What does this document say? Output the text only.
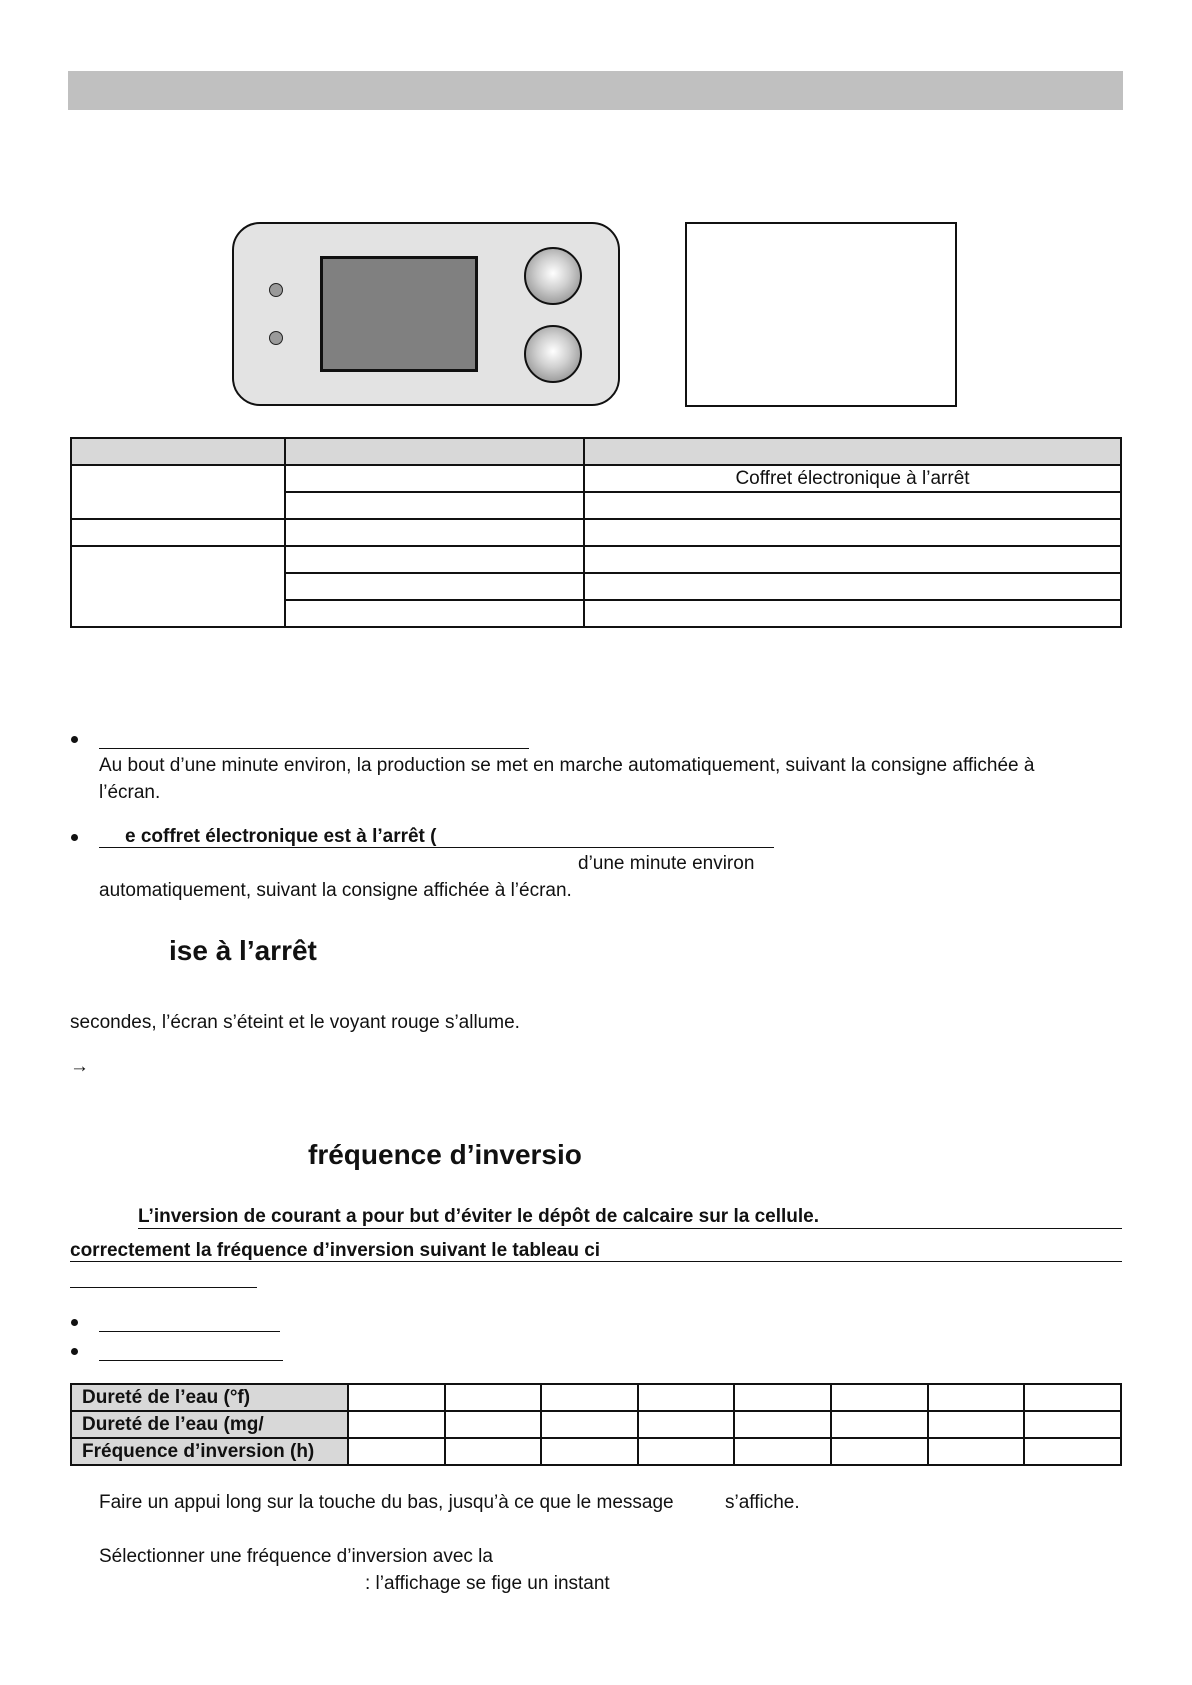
		Coffret électronique à l’arrêt

Au bout d’une minute environ, la production se met en marche automatiquement, suivant la consigne affichée à
l’écran.
e coffret électronique est à l’arrêt (
d’une minute environ
automatiquement, suivant la consigne affichée à l’écran.
ise à l’arrêt
secondes, l’écran s’éteint et le voyant rouge s’allume.
→
fréquence d’inversio
L’inversion de courant a pour but d’éviter le dépôt de calcaire sur la cellule.
correctement la fréquence d’inversion suivant le tableau ci
Dureté de l’eau (°f)								
Dureté de l’eau (mg/								
Fréquence d’inversion (h)								
Faire un appui long sur la touche du bas, jusqu’à ce que le message	s’affiche.
Sélectionner une fréquence d’inversion avec la
: l’affichage se fige un instant
